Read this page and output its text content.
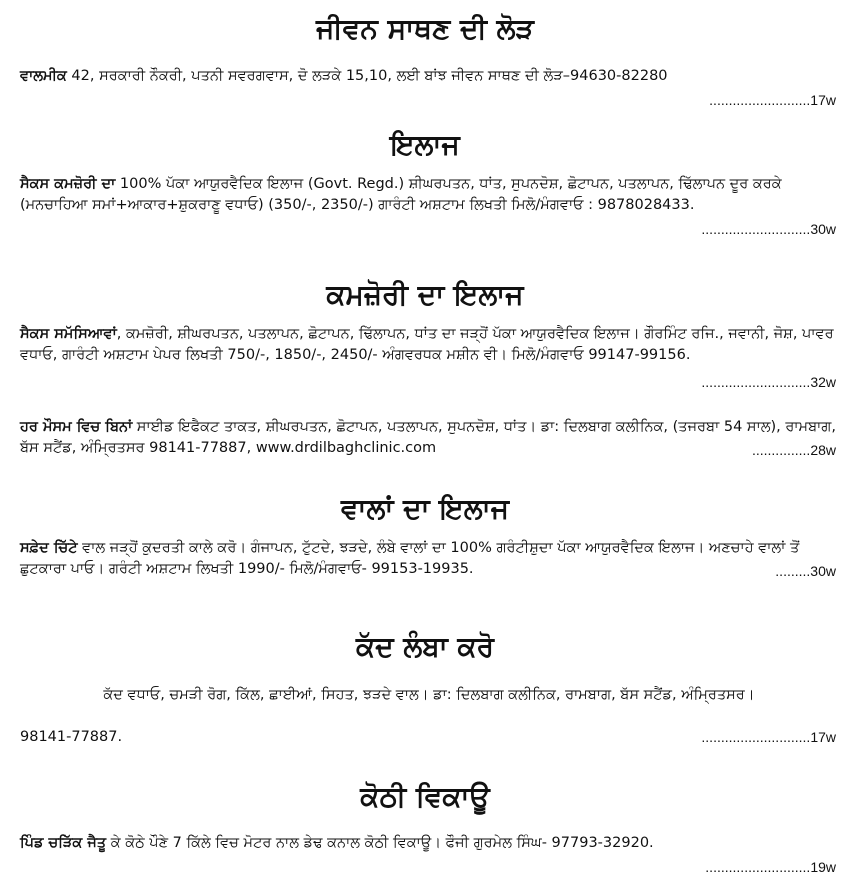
ਜੀਵਨ ਸਾਥਣ ਦੀ ਲੋੜ

ਵਾਲਮੀਕ 42, ਸਰਕਾਰੀ ਨੌਕਰੀ, ਪਤਨੀ ਸਵਰਗਵਾਸ, ਦੋ ਲੜਕੇ 15,10, ਲਈ ਬਾਂਝ ਜੀਵਨ ਸਾਥਣ ਦੀ ਲੋੜ–94630-82280

..........................17w
ਇਲਾਜ

ਸੈਕਸ ਕਮਜ਼ੋਰੀ ਦਾ 100% ਪੱਕਾ ਆਯੁਰਵੈਦਿਕ ਇਲਾਜ (Govt. Regd.) ਸ਼ੀਘਰਪਤਨ, ਧਾਂਤ, ਸੁਪਨਦੋਸ਼, ਛੋਟਾਪਨ, ਪਤਲਾਪਨ, ਢਿੱਲਾਪਨ ਦੂਰ ਕਰਕੇ (ਮਨਚਾਹਿਆ ਸਮਾਂ+ਆਕਾਰ+ਸ਼ੁਕਰਾਣੂ ਵਧਾਓ) (350/-, 2350/-) ਗਾਰੰਟੀ ਅਸ਼ਟਾਮ ਲਿਖਤੀ ਮਿਲੋ/ਮੰਗਵਾਓ : 9878028433.

............................30w
ਕਮਜ਼ੋਰੀ ਦਾ ਇਲਾਜ

ਸੈਕਸ ਸਮੱਸਿਆਵਾਂ, ਕਮਜ਼ੋਰੀ, ਸ਼ੀਘਰਪਤਨ, ਪਤਲਾਪਨ, ਛੋਟਾਪਨ, ਢਿੱਲਾਪਨ, ਧਾਂਤ ਦਾ ਜੜ੍ਹੋਂ ਪੱਕਾ ਆਯੁਰਵੈਦਿਕ ਇਲਾਜ। ਗੌਰਮਿੰਟ ਰਜਿ., ਜਵਾਨੀ, ਜੋਸ਼, ਪਾਵਰ ਵਧਾਓ, ਗਾਰੰਟੀ ਅਸ਼ਟਾਮ ਪੇਪਰ ਲਿਖਤੀ 750/-, 1850/-, 2450/- ਅੰਗਵਰਧਕ ਮਸ਼ੀਨ ਵੀ। ਮਿਲੋ/ਮੰਗਵਾਓ 99147-99156.

............................32w

ਹਰ ਮੌਸਮ ਵਿਚ ਬਿਨਾਂ ਸਾਈਡ ਇਫੈਕਟ ਤਾਕਤ, ਸ਼ੀਘਰਪਤਨ, ਛੋਟਾਪਨ, ਪਤਲਾਪਨ, ਸੁਪਨਦੋਸ਼, ਧਾਂਤ। ਡਾ: ਦਿਲਬਾਗ ਕਲੀਨਿਕ, (ਤਜਰਬਾ 54 ਸਾਲ), ਰਾਮਬਾਗ, ਬੱਸ ਸਟੈਂਡ, ਅੰਮ੍ਰਿਤਸਰ 98141-77887, www.drdilbaghclinic.com	...............28w
ਵਾਲਾਂ ਦਾ ਇਲਾਜ

ਸਫ਼ੇਦ ਚਿੱਟੇ ਵਾਲ ਜੜ੍ਹੋਂ ਕੁਦਰਤੀ ਕਾਲੇ ਕਰੋ। ਗੰਜਾਪਨ, ਟੁੱਟਦੇ, ਝੜਦੇ, ਲੰਬੇ ਵਾਲਾਂ ਦਾ 100% ਗਰੰਟੀਸ਼ੁਦਾ ਪੱਕਾ ਆਯੁਰਵੈਦਿਕ ਇਲਾਜ। ਅਣਚਾਹੇ ਵਾਲਾਂ ਤੋਂ ਛੁਟਕਾਰਾ ਪਾਓ। ਗਰੰਟੀ ਅਸ਼ਟਾਮ ਲਿਖਤੀ 1990/- ਮਿਲੋ/ਮੰਗਵਾਓ- 99153-19935.	.........30w
ਕੱਦ ਲੰਬਾ ਕਰੋ

ਕੱਦ ਵਧਾਓ, ਚਮੜੀ ਰੋਗ, ਕਿੱਲ, ਛਾਈਆਂ, ਸਿਹਤ, ਝੜਦੇ ਵਾਲ। ਡਾ: ਦਿਲਬਾਗ ਕਲੀਨਿਕ, ਰਾਮਬਾਗ, ਬੱਸ ਸਟੈਂਡ, ਅੰਮ੍ਰਿਤਸਰ।

98141-77887.	............................17w
ਕੋਠੀ ਵਿਕਾਊ

ਪਿੰਡ ਚੜਿੱਕ ਜੈਤੂ ਕੇ ਕੋਠੇ ਪੌਣੇ 7 ਕਿੱਲੇ ਵਿਚ ਮੋਟਰ ਨਾਲ ਡੇਢ ਕਨਾਲ ਕੋਠੀ ਵਿਕਾਊ। ਫੌਜੀ ਗੁਰਮੇਲ ਸਿੰਘ- 97793-32920.

...........................19w
